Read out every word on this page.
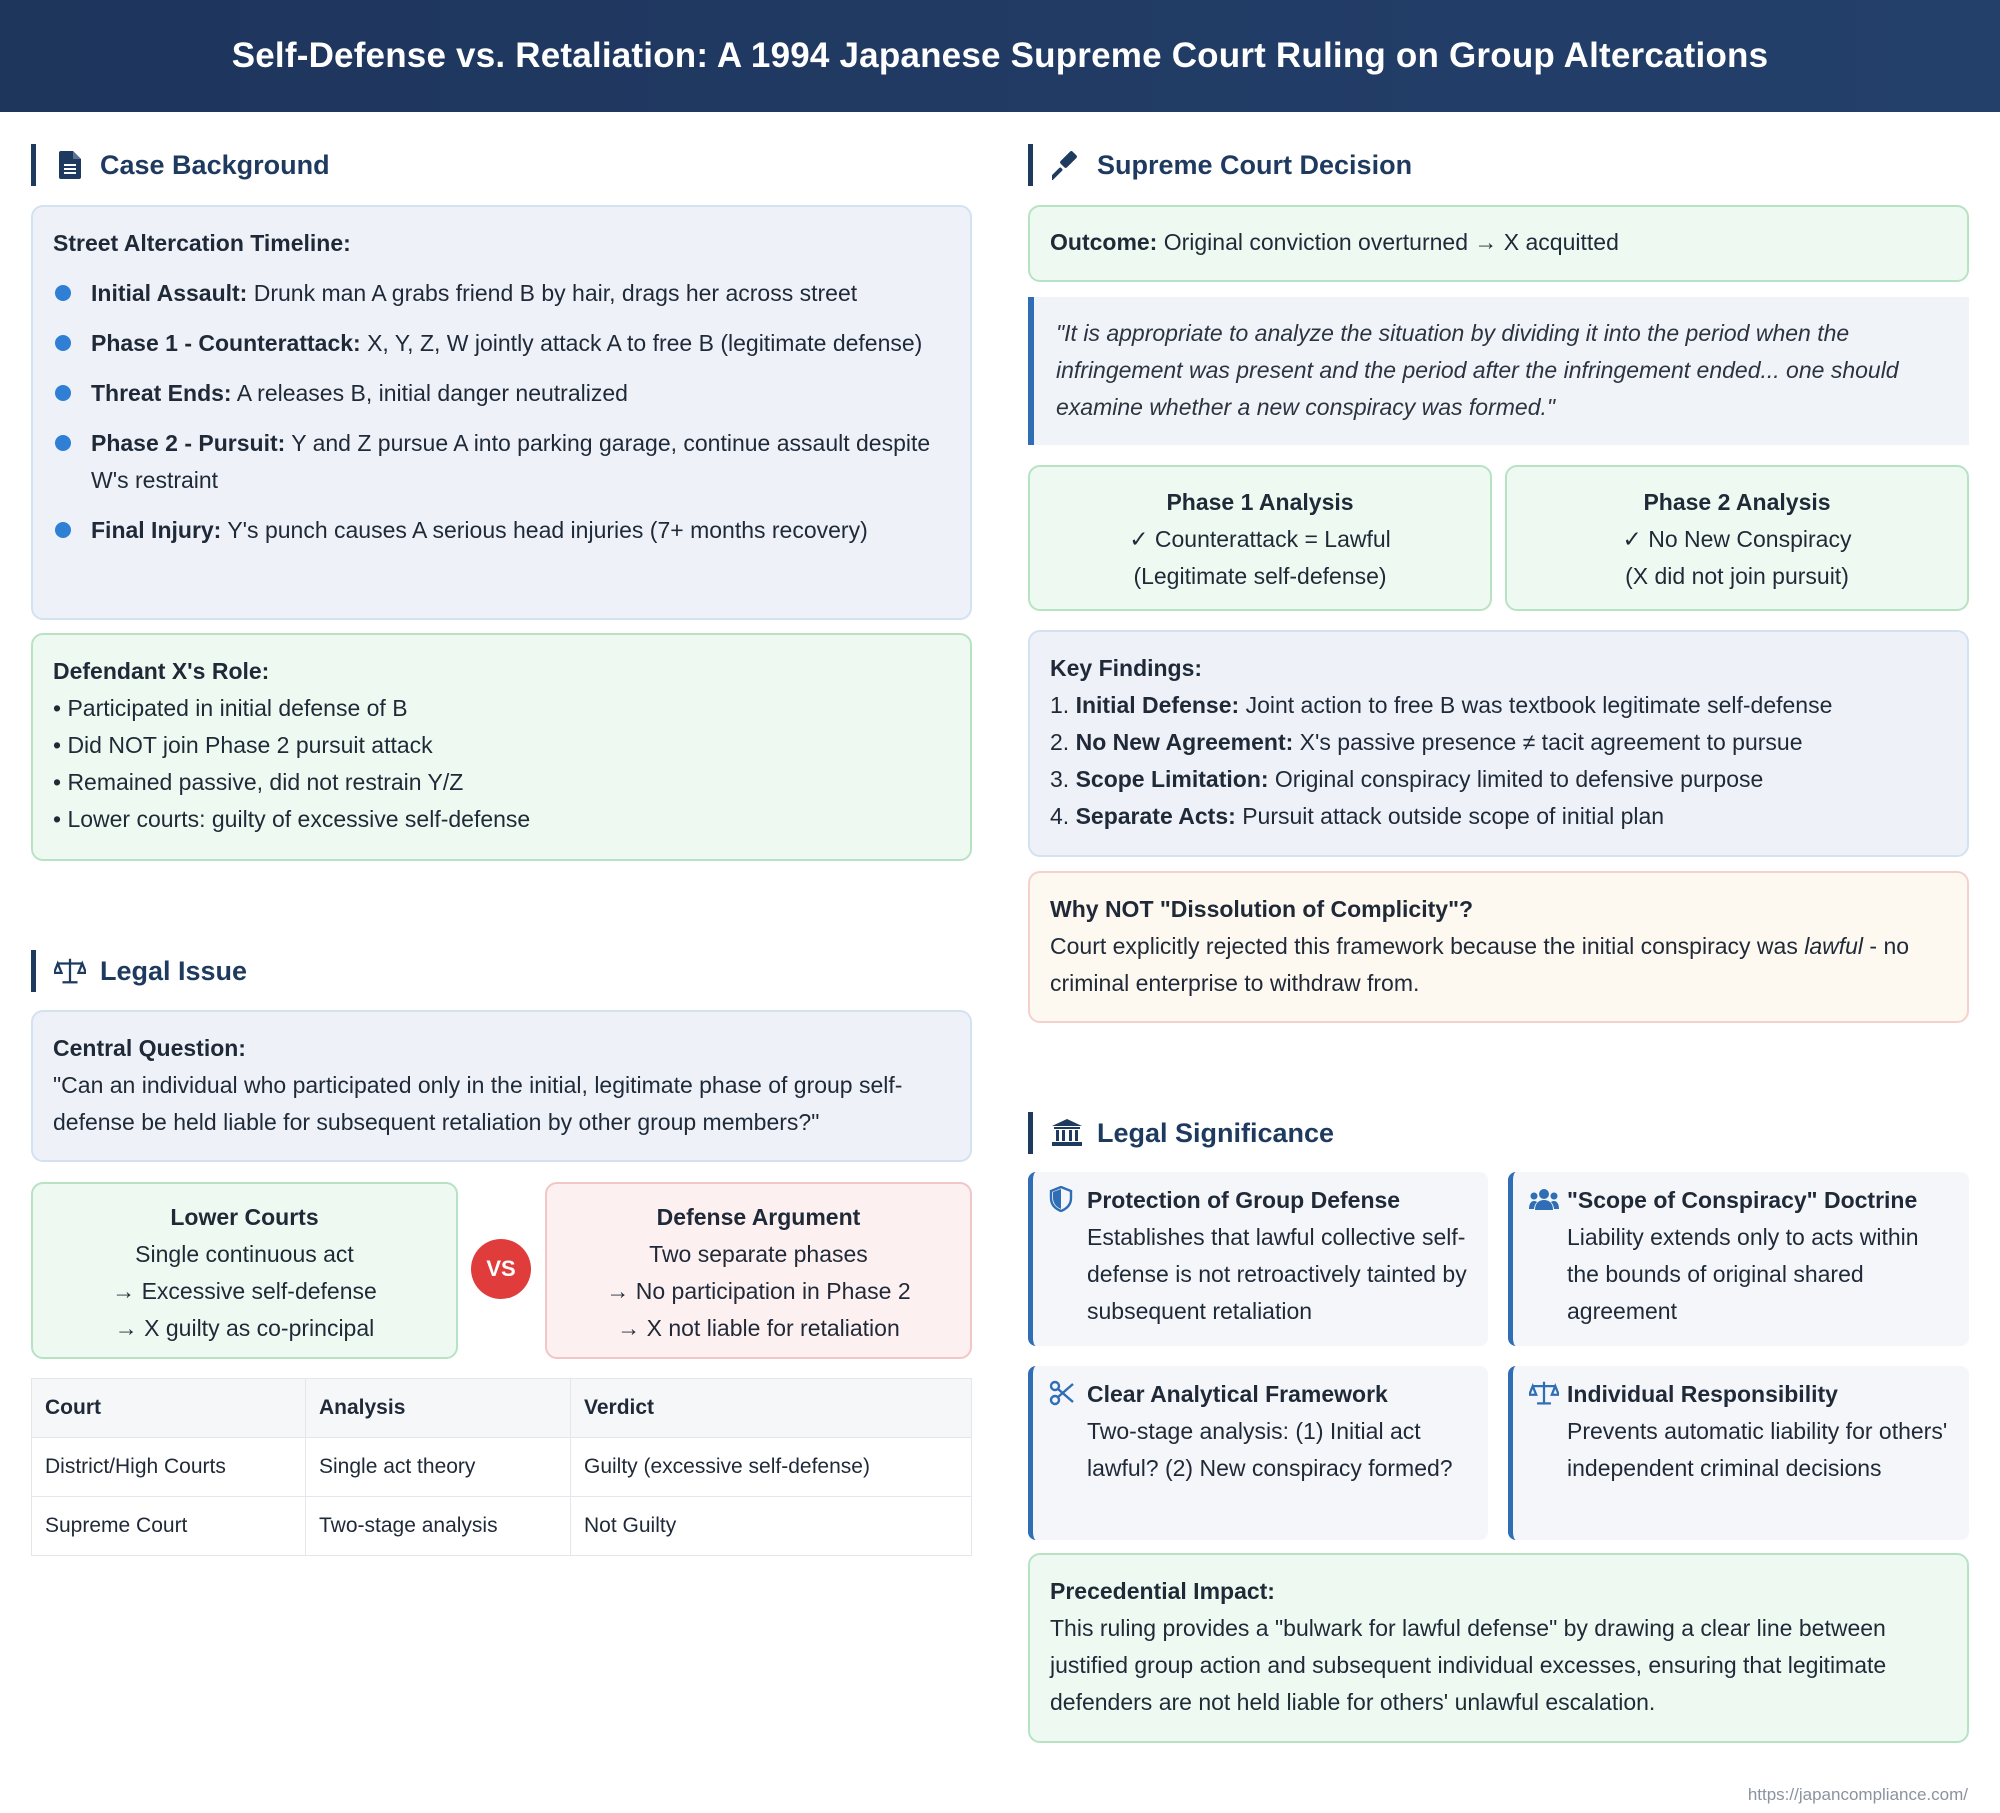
Self-Defense vs. Retaliation: A 1994 Japanese Supreme Court Ruling on Group Altercations
Case Background
Street Altercation Timeline:
Initial Assault: Drunk man A grabs friend B by hair, drags her across street
Phase 1 - Counterattack: X, Y, Z, W jointly attack A to free B (legitimate defense)
Threat Ends: A releases B, initial danger neutralized
Phase 2 - Pursuit: Y and Z pursue A into parking garage, continue assault despite W's restraint
Final Injury: Y's punch causes A serious head injuries (7+ months recovery)
Defendant X's Role:
• Participated in initial defense of B
• Did NOT join Phase 2 pursuit attack
• Remained passive, did not restrain Y/Z
• Lower courts: guilty of excessive self-defense
Legal Issue
Central Question:
"Can an individual who participated only in the initial, legitimate phase of group self-defense be held liable for subsequent retaliation by other group members?"
Lower Courts
Single continuous act
→ Excessive self-defense
→ X guilty as co-principal
VS
Defense Argument
Two separate phases
→ No participation in Phase 2
→ X not liable for retaliation
Court	Analysis	Verdict
District/High Courts	Single act theory	Guilty (excessive self-defense)
Supreme Court	Two-stage analysis	Not Guilty
Supreme Court Decision
Outcome: Original conviction overturned → X acquitted
"It is appropriate to analyze the situation by dividing it into the period when the infringement was present and the period after the infringement ended... one should examine whether a new conspiracy was formed."
Phase 1 Analysis
✓ Counterattack = Lawful
(Legitimate self-defense)
Phase 2 Analysis
✓ No New Conspiracy
(X did not join pursuit)
Key Findings:
1. Initial Defense: Joint action to free B was textbook legitimate self-defense
2. No New Agreement: X's passive presence ≠ tacit agreement to pursue
3. Scope Limitation: Original conspiracy limited to defensive purpose
4. Separate Acts: Pursuit attack outside scope of initial plan
Why NOT "Dissolution of Complicity"?
Court explicitly rejected this framework because the initial conspiracy was lawful - no criminal enterprise to withdraw from.
Legal Significance
Protection of Group Defense
Establishes that lawful collective self-defense is not retroactively tainted by subsequent retaliation
"Scope of Conspiracy" Doctrine
Liability extends only to acts within the bounds of original shared agreement
Clear Analytical Framework
Two-stage analysis: (1) Initial act lawful? (2) New conspiracy formed?
Individual Responsibility
Prevents automatic liability for others' independent criminal decisions
Precedential Impact:
This ruling provides a "bulwark for lawful defense" by drawing a clear line between justified group action and subsequent individual excesses, ensuring that legitimate defenders are not held liable for others' unlawful escalation.
https://japancompliance.com/
